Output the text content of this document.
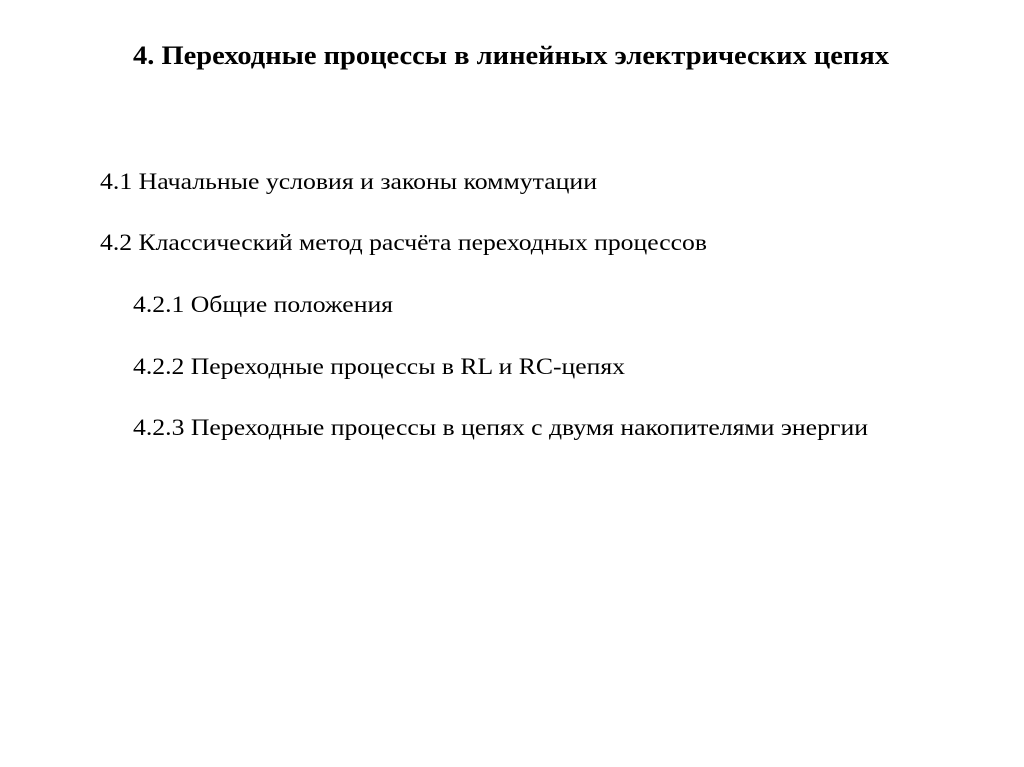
4. Переходные процессы в линейных электрических цепях
4.1 Начальные условия и законы коммутации
4.2 Классический метод расчёта переходных процессов
4.2.1 Общие положения
4.2.2 Переходные процессы в RL и RC-цепях
4.2.3 Переходные процессы в цепях с двумя накопителями энергии
